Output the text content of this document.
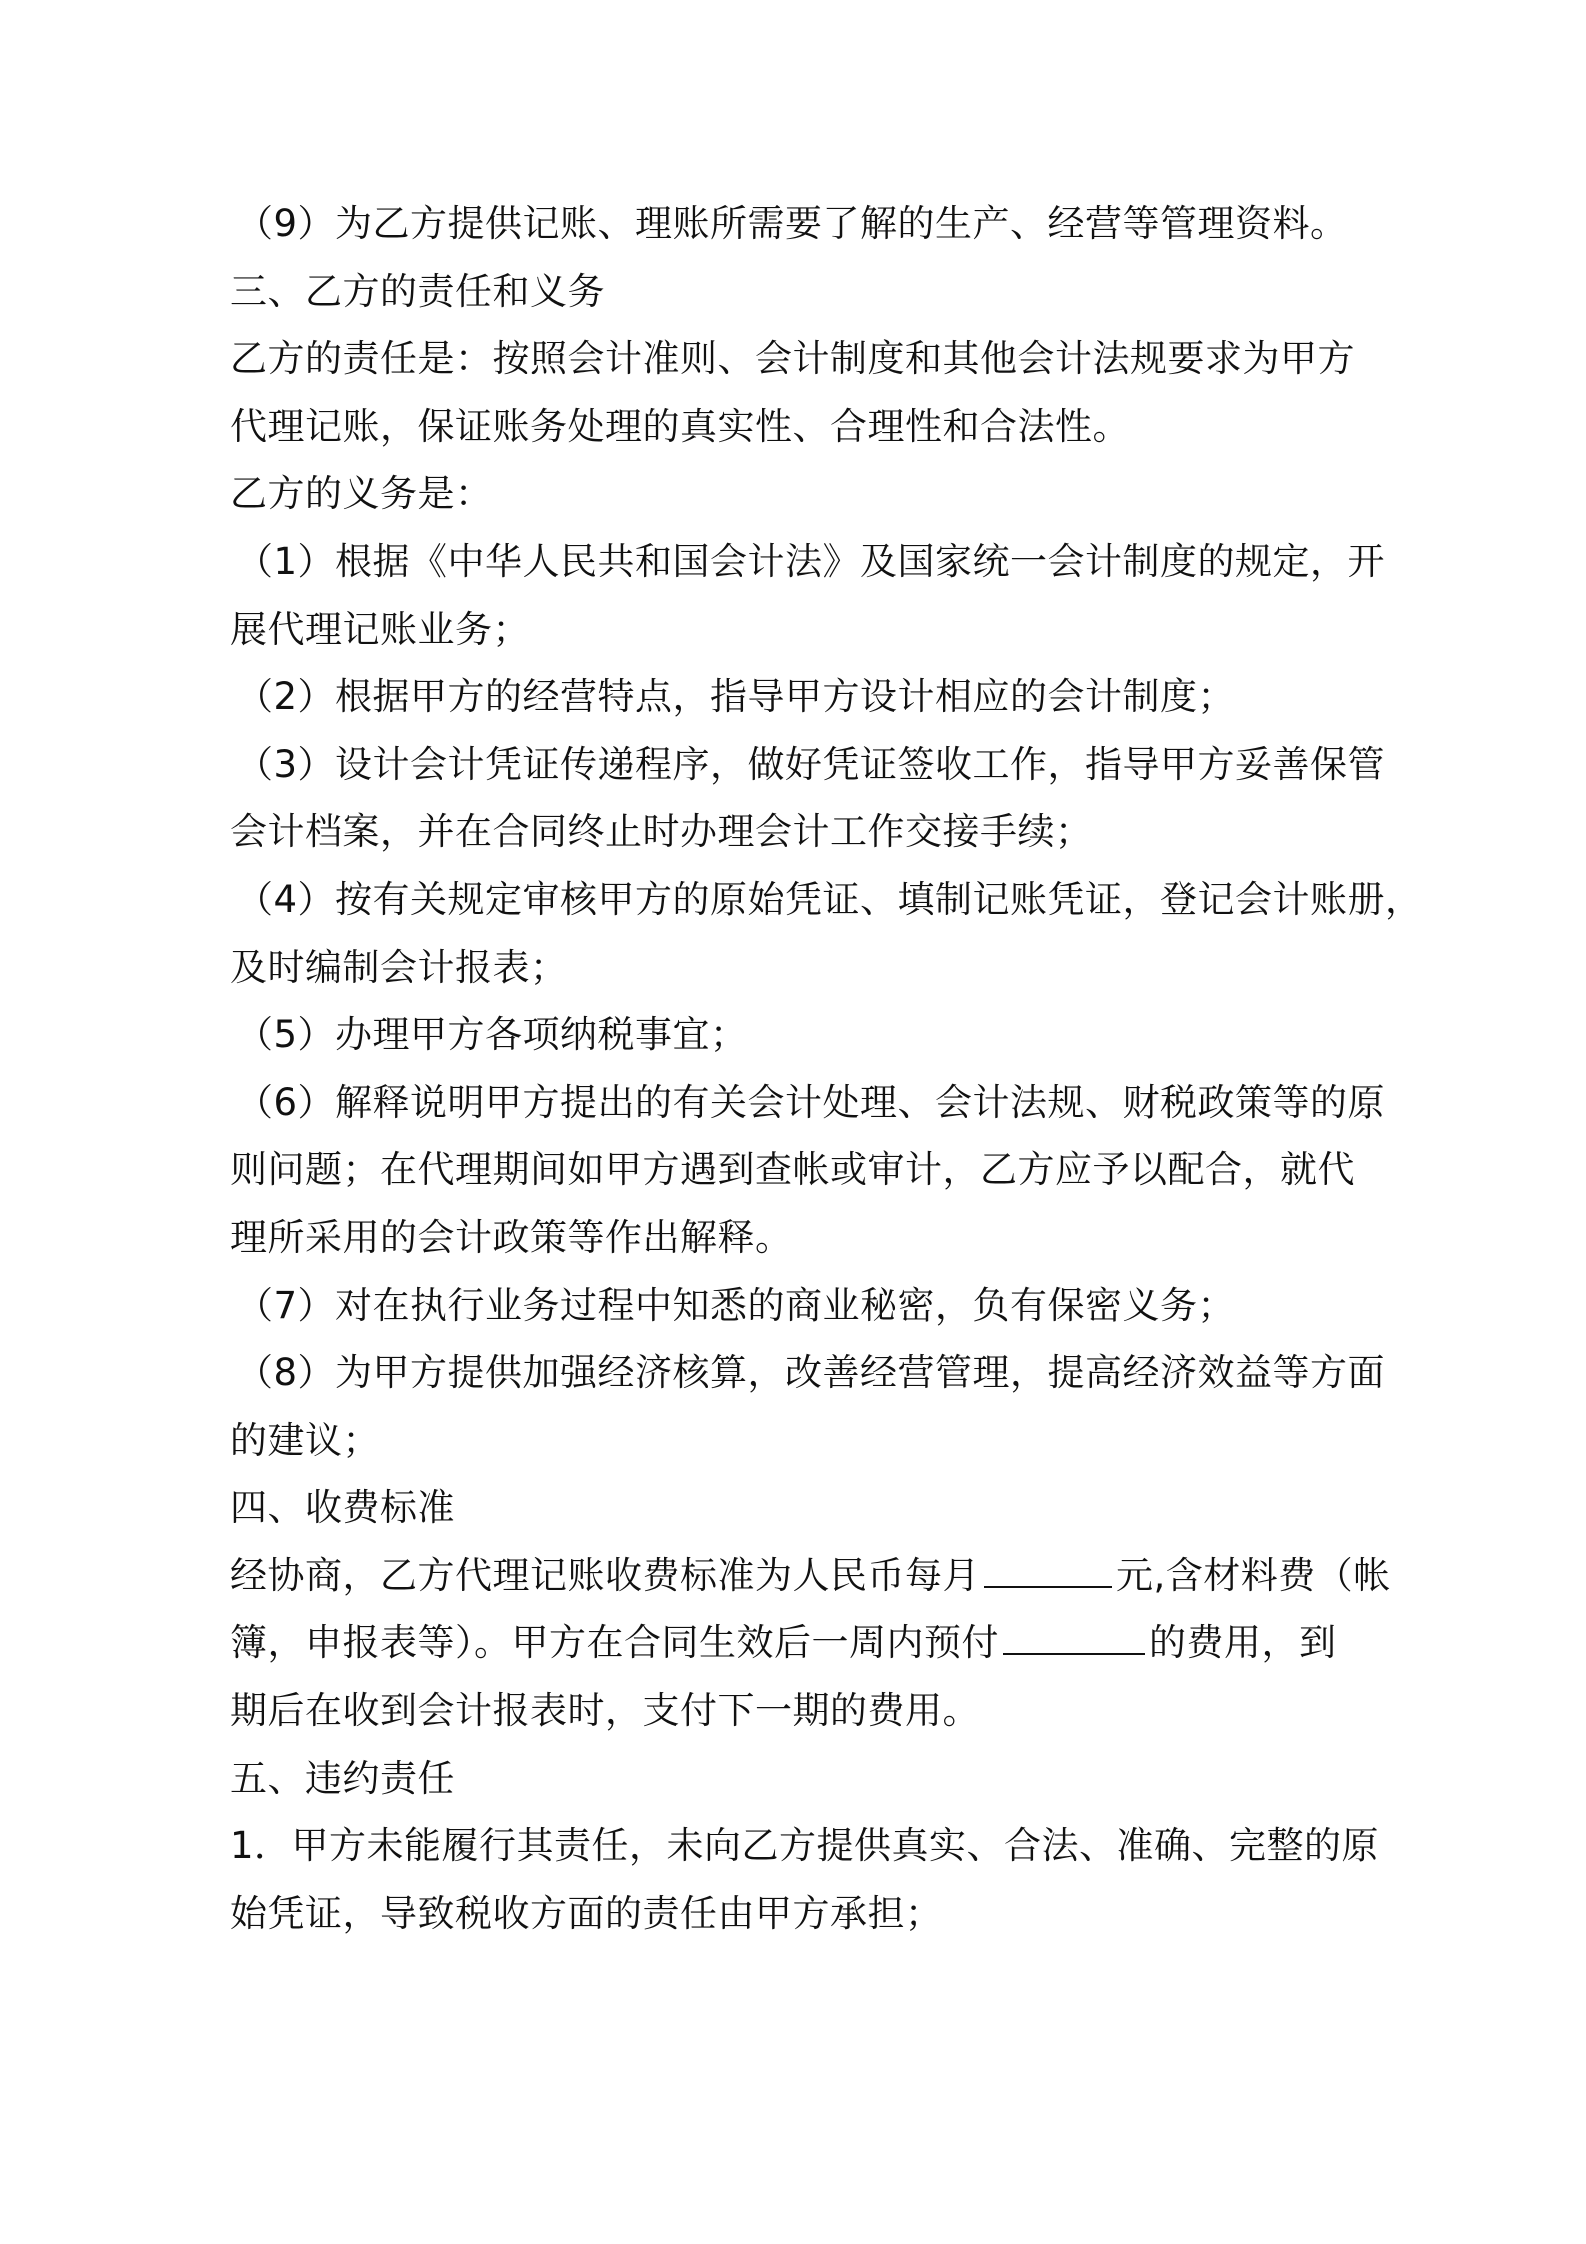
（9）为乙方提供记账、理账所需要了解的生产、经营等管理资料。
三、乙方的责任和义务
乙方的责任是：按照会计准则、会计制度和其他会计法规要求为甲方
代理记账，保证账务处理的真实性、合理性和合法性。
乙方的义务是：
（1）根据《中华人民共和国会计法》及国家统一会计制度的规定，开
展代理记账业务；
（2）根据甲方的经营特点，指导甲方设计相应的会计制度；
（3）设计会计凭证传递程序，做好凭证签收工作，指导甲方妥善保管
会计档案，并在合同终止时办理会计工作交接手续；
（4）按有关规定审核甲方的原始凭证、填制记账凭证，登记会计账册，
及时编制会计报表；
（5）办理甲方各项纳税事宜；
（6）解释说明甲方提出的有关会计处理、会计法规、财税政策等的原
则问题；在代理期间如甲方遇到查帐或审计，乙方应予以配合，就代
理所采用的会计政策等作出解释。
（7）对在执行业务过程中知悉的商业秘密，负有保密义务；
（8）为甲方提供加强经济核算，改善经营管理，提高经济效益等方面
的建议；
四、收费标准
经协商，乙方代理记账收费标准为人民币每月	元,含材料费（帐
簿，申报表等）。甲方在合同生效后一周内预付	的费用，到
期后在收到会计报表时，支付下一期的费用。
五、违约责任
1．甲方未能履行其责任，未向乙方提供真实、合法、准确、完整的原
始凭证，导致税收方面的责任由甲方承担；
